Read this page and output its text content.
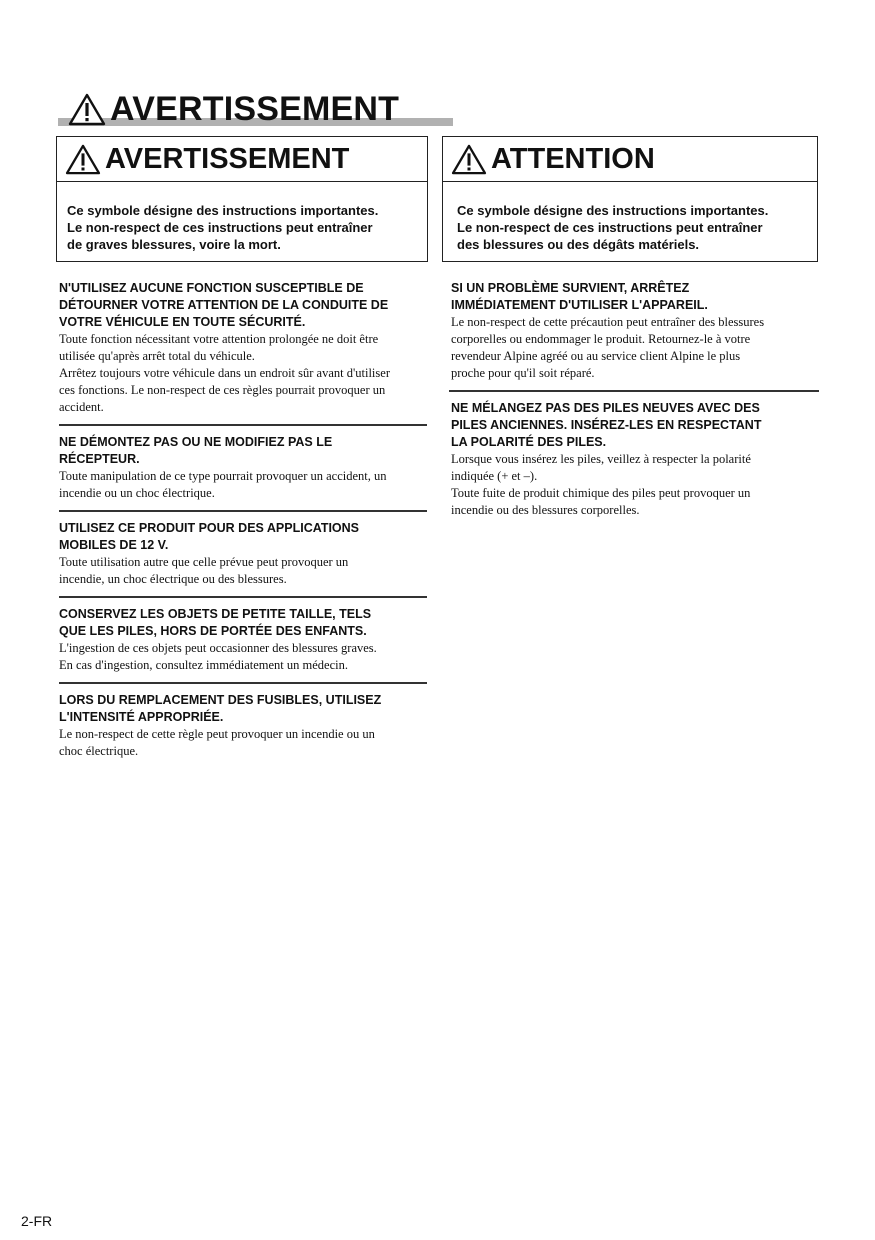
AVERTISSEMENT
AVERTISSEMENT
Ce symbole désigne des instructions importantes.
Le non-respect de ces instructions peut entraîner
de graves blessures, voire la mort.
ATTENTION
Ce symbole désigne des instructions importantes.
Le non-respect de ces instructions peut entraîner
des blessures ou des dégâts matériels.
N'UTILISEZ AUCUNE FONCTION SUSCEPTIBLE DE
DÉTOURNER VOTRE ATTENTION DE LA CONDUITE DE
VOTRE VÉHICULE EN TOUTE SÉCURITÉ.
Toute fonction nécessitant votre attention prolongée ne doit être
utilisée qu'après arrêt total du véhicule.
Arrêtez toujours votre véhicule dans un endroit sûr avant d'utiliser
ces fonctions. Le non-respect de ces règles pourrait provoquer un
accident.
NE DÉMONTEZ PAS OU NE MODIFIEZ PAS LE
RÉCEPTEUR.
Toute manipulation de ce type pourrait provoquer un accident, un
incendie ou un choc électrique.
UTILISEZ CE PRODUIT POUR DES APPLICATIONS
MOBILES DE 12 V.
Toute utilisation autre que celle prévue peut provoquer un
incendie, un choc électrique ou des blessures.
CONSERVEZ LES OBJETS DE PETITE TAILLE, TELS
QUE LES PILES, HORS DE PORTÉE DES ENFANTS.
L'ingestion de ces objets peut occasionner des blessures graves.
En cas d'ingestion, consultez immédiatement un médecin.
LORS DU REMPLACEMENT DES FUSIBLES, UTILISEZ
L'INTENSITÉ APPROPRIÉE.
Le non-respect de cette règle peut provoquer un incendie ou un
choc électrique.
SI UN PROBLÈME SURVIENT, ARRÊTEZ
IMMÉDIATEMENT D'UTILISER L'APPAREIL.
Le non-respect de cette précaution peut entraîner des blessures
corporelles ou endommager le produit. Retournez-le à votre
revendeur Alpine agréé ou au service client Alpine le plus
proche pour qu'il soit réparé.
NE MÉLANGEZ PAS DES PILES NEUVES AVEC DES
PILES ANCIENNES. INSÉREZ-LES EN RESPECTANT
LA POLARITÉ DES PILES.
Lorsque vous insérez les piles, veillez à respecter la polarité
indiquée (+ et –).
Toute fuite de produit chimique des piles peut provoquer un
incendie ou des blessures corporelles.
2-FR
